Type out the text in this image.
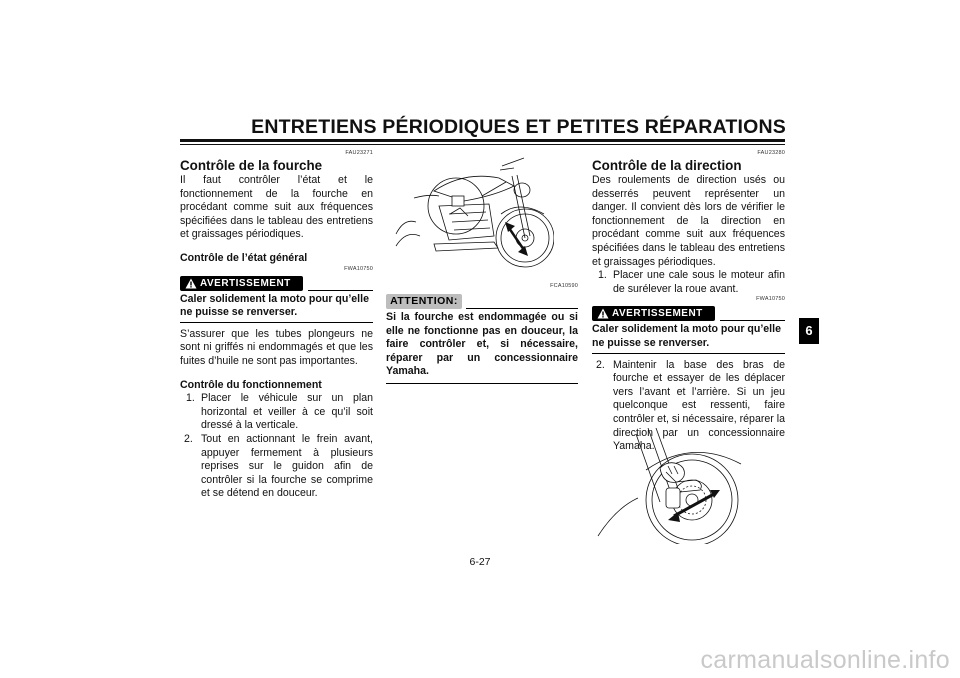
ENTRETIENS PÉRIODIQUES ET PETITES RÉPARATIONS
FAU23271
Contrôle de la fourche

Il faut contrôler l’état et le fonctionnement de la fourche en procédant comme suit aux fréquences spécifiées dans le tableau des entretiens et graissages périodiques.

Contrôle de l’état général
FWA10750
AVERTISSEMENT

Caler solidement la moto pour qu’elle ne puisse se renverser.

S’assurer que les tubes plongeurs ne sont ni griffés ni endommagés et que les fuites d’huile ne sont pas importantes.

Contrôle du fonctionnement
1. Placer le véhicule sur un plan horizontal et veiller à ce qu’il soit dressé à la verticale.
2. Tout en actionnant le frein avant, appuyer fermement à plusieurs reprises sur le guidon afin de contrôler si la fourche se comprime et se détend en douceur.
FCA10590
ATTENTION:

Si la fourche est endommagée ou si elle ne fonctionne pas en douceur, la faire contrôler et, si nécessaire, réparer par un concessionnaire Yamaha.

FAU23280
Contrôle de la direction

Des roulements de direction usés ou desserrés peuvent représenter un danger. Il convient dès lors de vérifier le fonctionnement de la direction en procédant comme suit aux fréquences spécifiées dans le tableau des entretiens et graissages périodiques.

1. Placer une cale sous le moteur afin de surélever la roue avant.
FWA10750
AVERTISSEMENT

Caler solidement la moto pour qu’elle ne puisse se renverser.

2. Maintenir la base des bras de fourche et essayer de les déplacer vers l’avant et l’arrière. Si un jeu quelconque est ressenti, faire contrôler et, si nécessaire, réparer la direction par un concessionnaire Yamaha.
6
6-27
carmanualsonline.info
